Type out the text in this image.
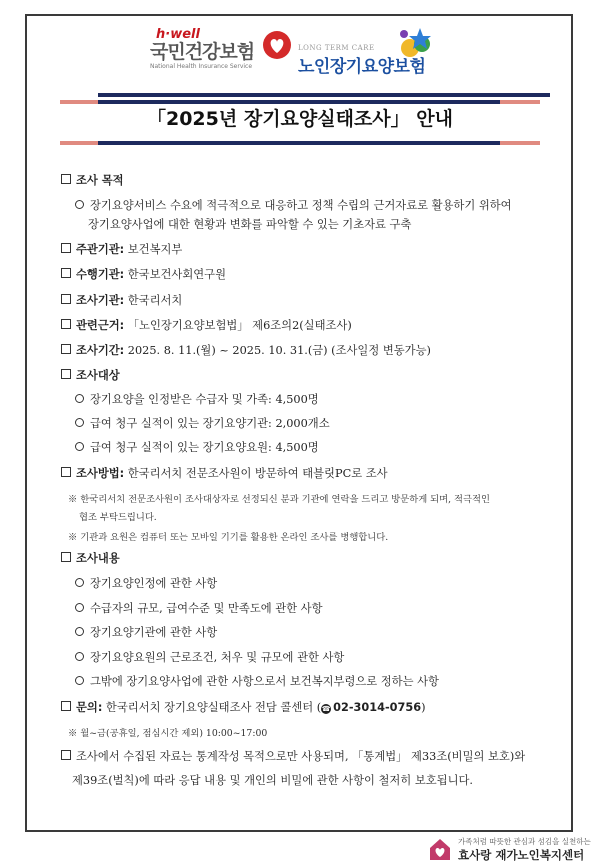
h·well
국민건강보험
National Health Insurance Service
LONG TERM CARE
노인장기요양보험
「2025년 장기요양실태조사」 안내
조사 목적
장기요양서비스 수요에 적극적으로 대응하고 정책 수립의 근거자료로 활용하기 위하여
장기요양사업에 대한 현황과 변화를 파악할 수 있는 기초자료 구축
주관기관: 보건복지부
수행기관: 한국보건사회연구원
조사기관: 한국리서치
관련근거: 「노인장기요양보험법」 제6조의2(실태조사)
조사기간: 2025. 8. 11.(월) ~ 2025. 10. 31.(금) (조사일정 변동가능)
조사대상
장기요양을 인정받은 수급자 및 가족: 4,500명
급여 청구 실적이 있는 장기요양기관: 2,000개소
급여 청구 실적이 있는 장기요양요원: 4,500명
조사방법: 한국리서치 전문조사원이 방문하여 태블릿PC로 조사
※ 한국리서치 전문조사원이 조사대상자로 선정되신 분과 기관에 연락을 드리고 방문하게 되며, 적극적인
협조 부탁드립니다.
※ 기관과 요원은 컴퓨터 또는 모바일 기기를 활용한 온라인 조사를 병행합니다.
조사내용
장기요양인정에 관한 사항
수급자의 규모, 급여수준 및 만족도에 관한 사항
장기요양기관에 관한 사항
장기요양요원의 근로조건, 처우 및 규모에 관한 사항
그밖에 장기요양사업에 관한 사항으로서 보건복지부령으로 정하는 사항
문의: 한국리서치 장기요양실태조사 전담 콜센터 (☎ 02-3014-0756)
※ 월~금(공휴일, 점심시간 제외) 10:00~17:00
조사에서 수집된 자료는 통계작성 목적으로만 사용되며, 「통계법」 제33조(비밀의 보호)와
제39조(벌칙)에 따라 응답 내용 및 개인의 비밀에 관한 사항이 철저히 보호됩니다.
가족처럼 따뜻한 관심과 섬김을 실천하는
효사랑 재가노인복지센터
